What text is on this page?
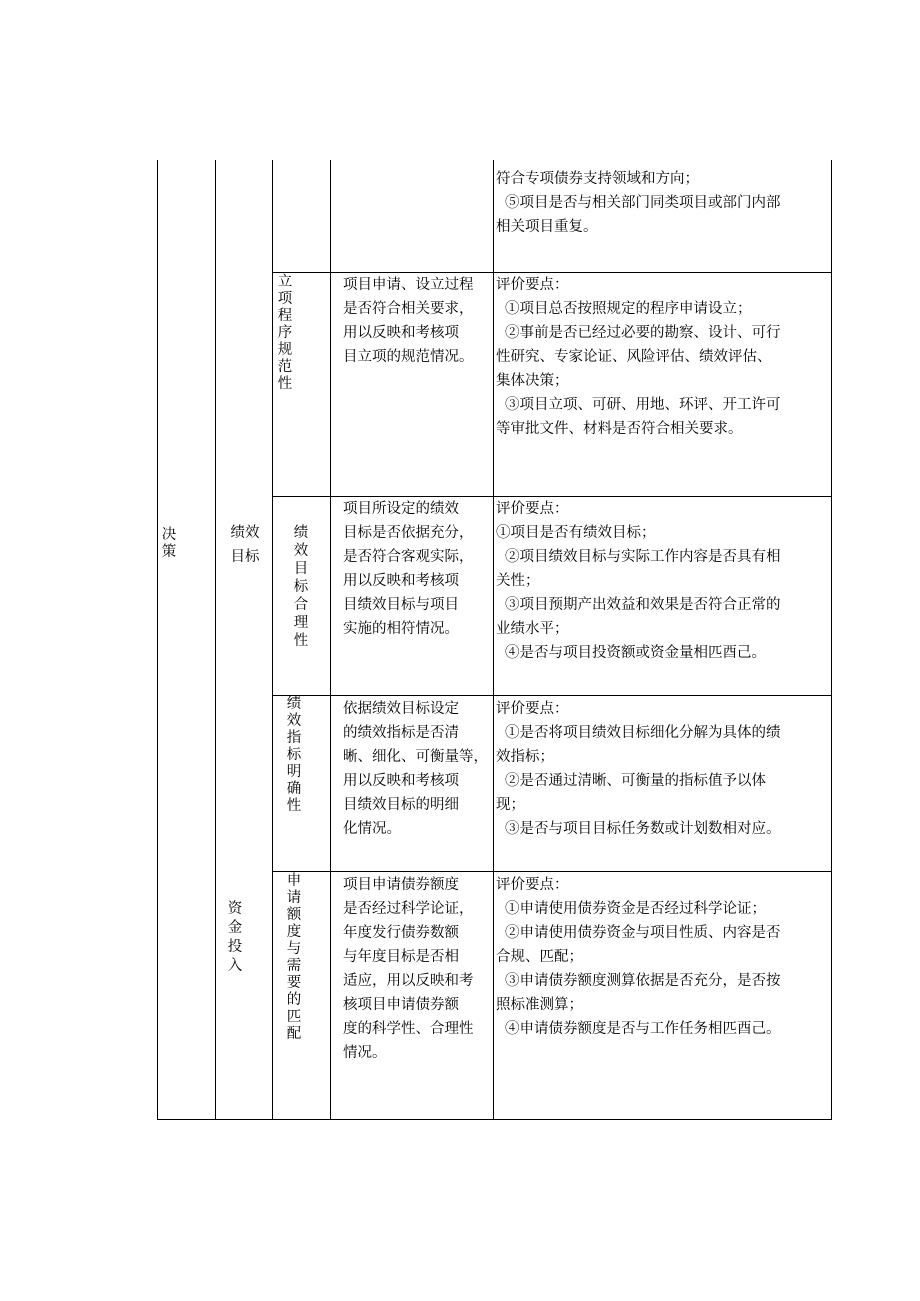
决策
绩效目标
资金投入
符合专项债券支持领域和方向；
⑤项目是否与相关部门同类项目或部门内部
相关项目重复。
立项程序规范性
项目申请、设立过程
是否符合相关要求，
用以反映和考核项
目立项的规范情况。
评价要点：
①项目总否按照规定的程序申请设立；
②事前是否已经过必要的勘察、设计、可行
性研究、专家论证、风险评估、绩效评估、
集体决策；
③项目立项、可研、用地、环评、开工许可
等审批文件、材料是否符合相关要求。
绩效目标合理性
项目所设定的绩效
目标是否依据充分，
是否符合客观实际，
用以反映和考核项
目绩效目标与项目
实施的相符情况。
评价要点：
①项目是否有绩效目标；
②项目绩效目标与实际工作内容是否具有相
关性；
③项目预期产出效益和效果是否符合正常的
业绩水平；
④是否与项目投资额或资金量相匹酉己。
绩效指标明确性
依据绩效目标设定
的绩效指标是否清
晰、细化、可衡量等，
用以反映和考核项
目绩效目标的明细
化情况。
评价要点：
①是否将项目绩效目标细化分解为具体的绩
效指标；
②是否通过清晰、可衡量的指标值予以体
现；
③是否与项目目标任务数或计划数相对应。
申请额度与需要的匹配
项目申请债券额度
是否经过科学论证，
年度发行债券数额
与年度目标是否相
适应，用以反映和考
核项目申请债券额
度的科学性、合理性
情况。
评价要点：
①申请使用债券资金是否经过科学论证；
②申请使用债券资金与项目性质、内容是否
合规、匹配；
③申请债券额度测算依据是否充分，是否按
照标准测算；
④申请债券额度是否与工作任务相匹酉己。
